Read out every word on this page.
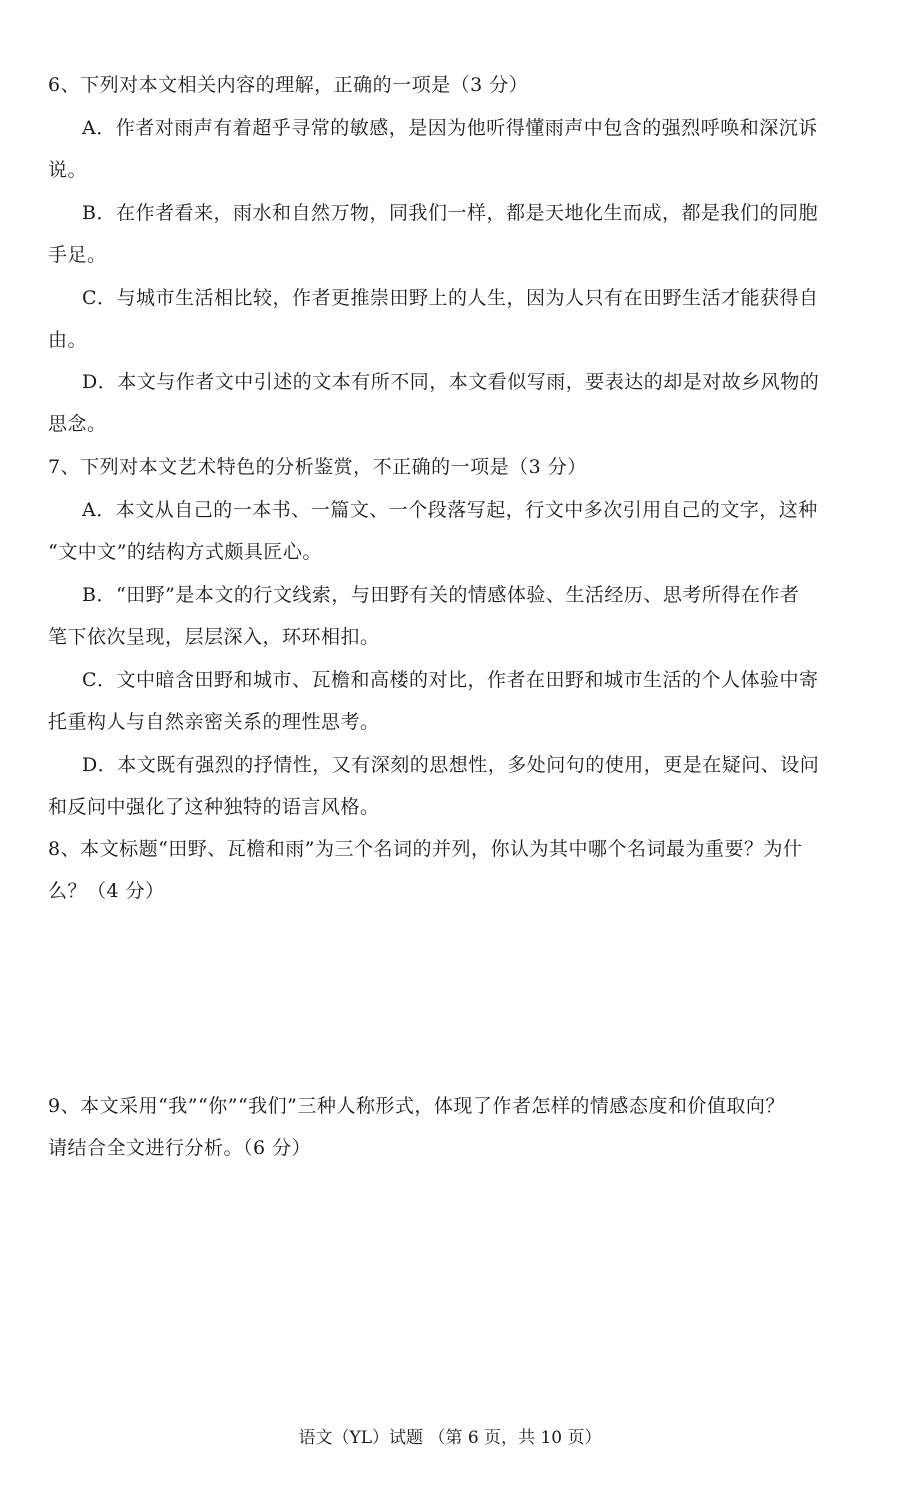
6、下列对本文相关内容的理解，正确的一项是（3 分）
A．作者对雨声有着超乎寻常的敏感，是因为他听得懂雨声中包含的强烈呼唤和深沉诉
说。
B．在作者看来，雨水和自然万物，同我们一样，都是天地化生而成，都是我们的同胞
手足。
C．与城市生活相比较，作者更推崇田野上的人生，因为人只有在田野生活才能获得自
由。
D．本文与作者文中引述的文本有所不同，本文看似写雨，要表达的却是对故乡风物的
思念。
7、下列对本文艺术特色的分析鉴赏，不正确的一项是（3 分）
A．本文从自己的一本书、一篇文、一个段落写起，行文中多次引用自己的文字，这种
“文中文”的结构方式颇具匠心。
B．“田野”是本文的行文线索，与田野有关的情感体验、生活经历、思考所得在作者
笔下依次呈现，层层深入，环环相扣。
C．文中暗含田野和城市、瓦檐和高楼的对比，作者在田野和城市生活的个人体验中寄
托重构人与自然亲密关系的理性思考。
D．本文既有强烈的抒情性，又有深刻的思想性，多处问句的使用，更是在疑问、设问
和反问中强化了这种独特的语言风格。
8、本文标题“田野、瓦檐和雨”为三个名词的并列，你认为其中哪个名词最为重要？为什
么？（4 分）
9、本文采用“我”“你”“我们”三种人称形式，体现了作者怎样的情感态度和价值取向？
请结合全文进行分析。（6 分）
语文（YL）试题 （第 6 页，共 10 页）
